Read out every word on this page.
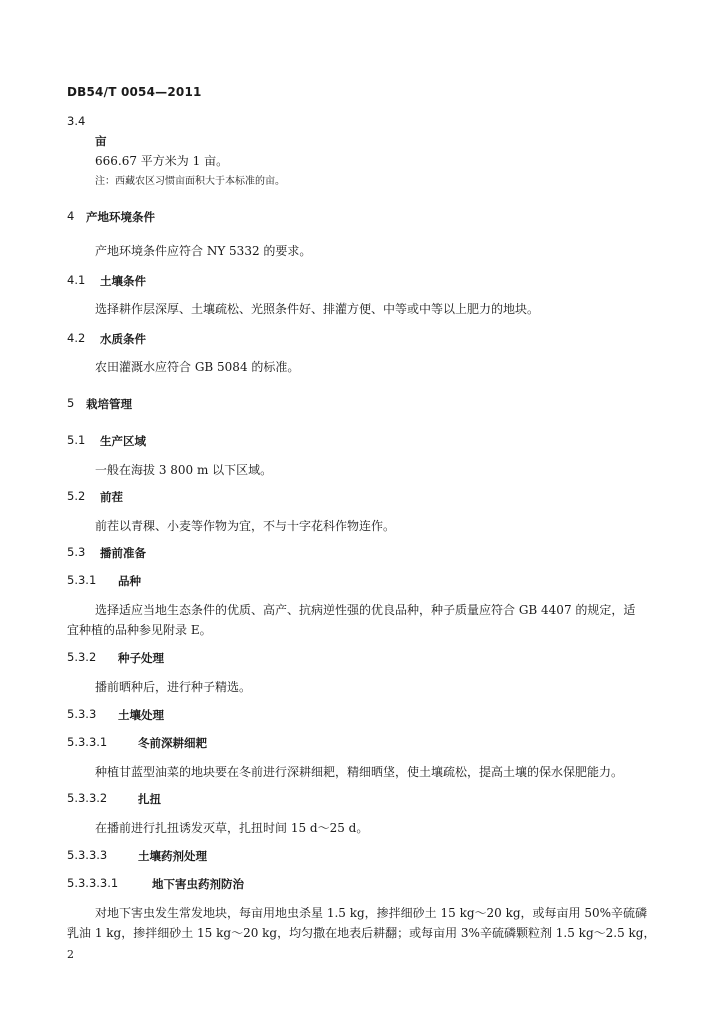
DB54/T 0054—2011
3.4
亩
666.67 平方米为 1 亩。
注：西藏农区习惯亩面积大于本标准的亩。
4 产地环境条件
产地环境条件应符合 NY 5332 的要求。
4.1 土壤条件
选择耕作层深厚、土壤疏松、光照条件好、排灌方便、中等或中等以上肥力的地块。
4.2 水质条件
农田灌溉水应符合 GB 5084 的标准。
5 栽培管理
5.1 生产区域
一般在海拔 3 800 m 以下区域。
5.2 前茬
前茬以青稞、小麦等作物为宜，不与十字花科作物连作。
5.3 播前准备
5.3.1 品种
选择适应当地生态条件的优质、高产、抗病逆性强的优良品种，种子质量应符合 GB 4407 的规定，适
宜种植的品种参见附录 E。
5.3.2 种子处理
播前晒种后，进行种子精选。
5.3.3 土壤处理
5.3.3.1	冬前深耕细耙
种植甘蓝型油菜的地块要在冬前进行深耕细耙，精细晒垡，使土壤疏松，提高土壤的保水保肥能力。
5.3.3.2	扎扭
在播前进行扎扭诱发灭草，扎扭时间 15 d～25 d。
5.3.3.3	土壤药剂处理
5.3.3.3.1	地下害虫药剂防治
对地下害虫发生常发地块，每亩用地虫杀星 1.5 kg，掺拌细砂土 15 kg～20 kg，或每亩用 50%辛硫磷
乳油 1 kg，掺拌细砂土 15 kg～20 kg，均匀撒在地表后耕翻；或每亩用 3%辛硫磷颗粒剂 1.5 kg～2.5 kg，
2
